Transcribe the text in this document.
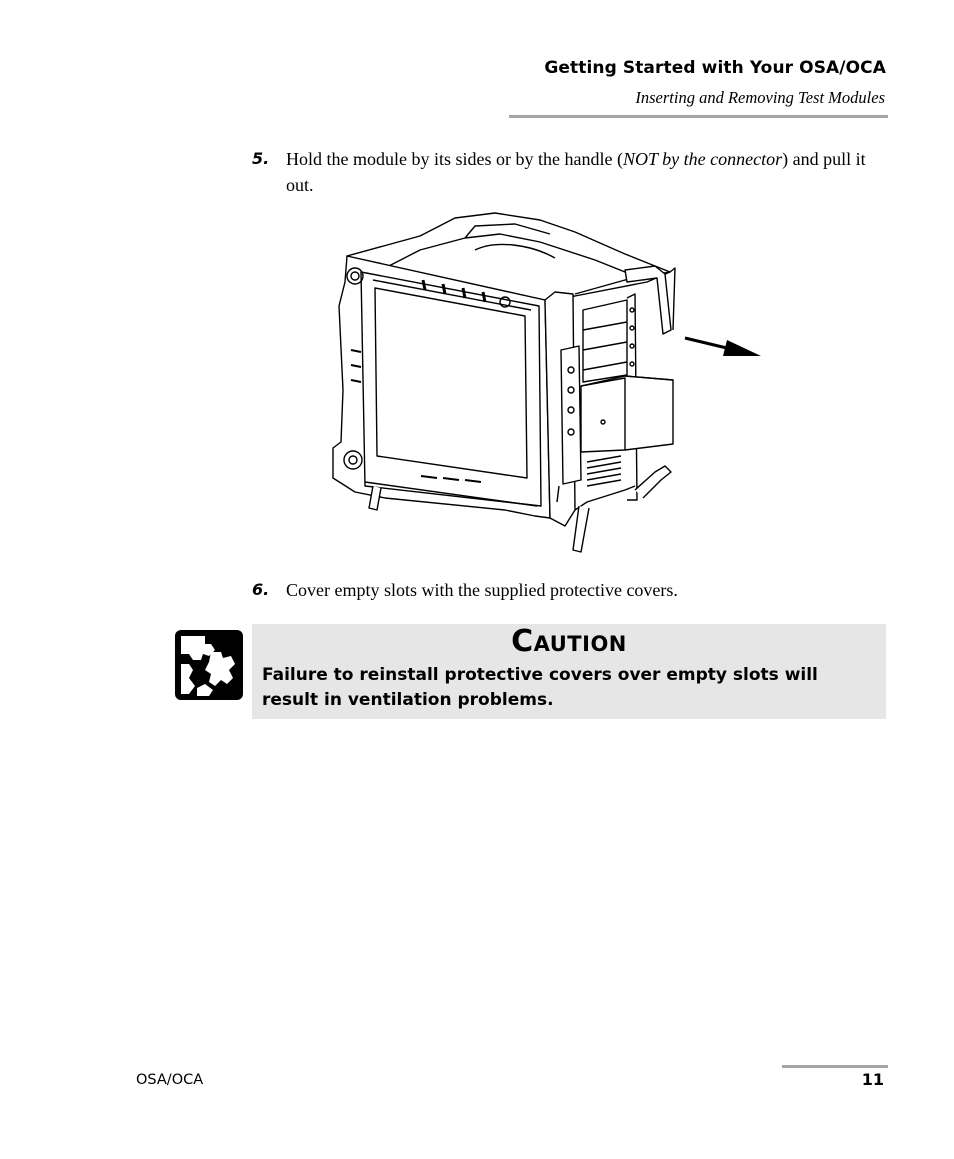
Getting Started with Your OSA/OCA
Inserting and Removing Test Modules
5. Hold the module by its sides or by the handle (NOT by the connector) and pull it out.
6. Cover empty slots with the supplied protective covers.
Caution
Failure to reinstall protective covers over empty slots will result in ventilation problems.
OSA/OCA	11
